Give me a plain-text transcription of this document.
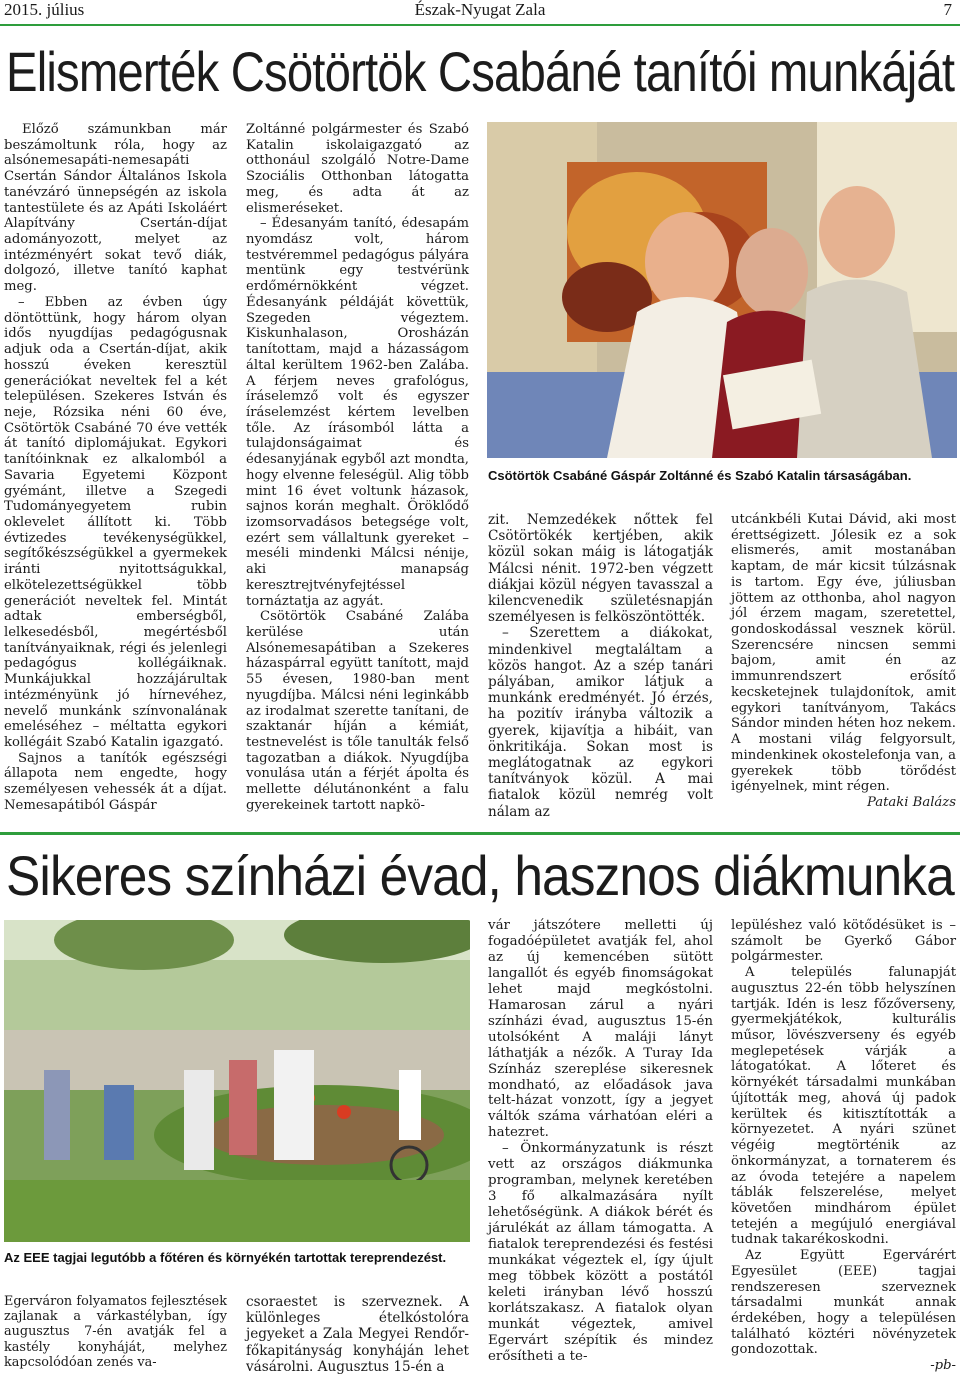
2015. július	Észak-Nyugat Zala	7
Elismerték Csötörtök Csabáné tanítói munkáját

Előző számunkban már beszámoltunk róla, hogy az alsónemesapáti-nemesapáti Csertán Sándor Általános Iskola tanévzáró ünnepségén az iskola tantestülete és az Apáti Iskoláért Alapítvány Csertán-díjat adományozott, melyet az intézményért sokat tevő diák, dolgozó, illetve tanító kaphat meg.

– Ebben az évben úgy döntöttünk, hogy három olyan idős nyugdíjas pedagógusnak adjuk oda a Csertán-díjat, akik hosszú éveken keresztül generációkat neveltek fel a két településen. Szekeres István és neje, Rózsika néni 60 éve, Csötörtök Csabáné 70 éve vették át tanító diplomájukat. Egykori tanítóinknak ez alkalomból a Savaria Egyetemi Központ gyémánt, illetve a Szegedi Tudományegyetem rubin oklevelet állított ki. Több évtizedes tevékenységükkel, segítőkészségükkel a gyermekek iránti nyitottságukkal, elkötelezettségükkel több generációt neveltek fel. Mintát adtak emberségből, lelkesedésből, megértésből tanítványaiknak, régi és jelenlegi pedagógus kollégáiknak. Munkájukkal hozzájárultak intézményünk jó hírnevéhez, nevelő munkánk színvonalának emeléséhez – méltatta egykori kollégáit Szabó Katalin igazgató.

Sajnos a tanítók egészségi állapota nem engedte, hogy személyesen vehessék át a díjat. Nemesapátiból Gáspár

Zoltánné polgármester és Szabó Katalin iskolaigazgató az otthonául szolgáló Notre-Dame Szociális Otthonban látogatta meg, és adta át az elismeréseket.

– Édesanyám tanító, édesapám nyomdász volt, három testvéremmel pedagógus pályára mentünk egy testvérünk erdőmérnökként végzet. Édesanyánk példáját követtük, Szegeden végeztem. Kiskunhalason, Orosházán tanítottam, majd a házasságom által kerültem 1962-ben Zalába. A férjem neves grafológus, íráselemző volt és egyszer íráselemzést kértem levelben tőle. Az írásomból látta a tulajdonságaimat és édesanyjának egyből azt mondta, hogy elvenne feleségül. Alig több mint 16 évet voltunk házasok, sajnos korán meghalt. Öröklődő izomsorvadásos betegsége volt, ezért sem vállaltunk gyereket – meséli mindenki Málcsi nénije, aki manapság keresztrejtvényfejtéssel tornáztatja az agyát.

Csötörtök Csabáné Zalába kerülése után Alsónemesapátiban a Szekeres házaspárral együtt tanított, majd 55 évesen, 1980-ban ment nyugdíjba. Málcsi néni leginkább az irodalmat szerette tanítani, de szaktanár híján a kémiát, testnevelést is tőle tanulták felső tagozatban a diákok. Nyugdíjba vonulása után a férjét ápolta és mellette délutánonként a falu gyerekeinek tartott napkö-

Csötörtök Csabáné Gáspár Zoltánné és Szabó Katalin társaságában.

zit. Nemzedékek nőttek fel Csötörtökék kertjében, akik közül sokan máig is látogatják Málcsi nénit. 1972-ben végzett diákjai közül négyen tavasszal a kilencvenedik születésnapján személyesen is felköszöntötték.

– Szerettem a diákokat, mindenkivel megtaláltam a közös hangot. Az a szép tanári pályában, amikor látjuk a munkánk eredményét. Jó érzés, ha pozitív irányba változik a gyerek, kijavítja a hibáit, van önkritikája. Sokan most is meglátogatnak az egykori tanítványok közül. A mai fiatalok közül nemrég volt nálam az

utcánkbéli Kutai Dávid, aki most érettségizett. Jólesik ez a sok elismerés, amit mostanában kaptam, de már kicsit túlzásnak is tartom. Egy éve, júliusban jöttem az otthonba, ahol nagyon jól érzem magam, szeretettel, gondoskodással vesznek körül. Szerencsére nincsen semmi bajom, amit én az immunrendszert erősítő kecsketejnek tulajdonítok, amit egykori tanítványom, Takács Sándor minden héten hoz nekem. A mostani világ felgyorsult, mindenkinek okostelefonja van, a gyerekek több törődést igényelnek, mint régen.

Pataki Balázs
Sikeres színházi évad, hasznos diákmunka
Az EEE tagjai legutóbb a főtéren és környékén tartottak tereprendezést.

Egerváron folyamatos fejlesztések zajlanak a várkastélyban, így augusztus 7-én avatják fel a kastély konyháját, melyhez kapcsolódóan zenés va-

csoraestet is szerveznek. A különleges ételkóstolóra jegyeket a Zala Megyei Rendőr-főkapitányság konyháján lehet vásárolni. Augusztus 15-én a

vár játszótere melletti új fogadóépületet avatják fel, ahol az új kemencében sütött langallót és egyéb finomságokat lehet majd megkóstolni. Hamarosan zárul a nyári színházi évad, augusztus 15-én utolsóként A maláji lányt láthatják a nézők. A Turay Ida Színház szereplése sikeresnek mondható, az előadások java telt-házat vonzott, így a jegyet váltók száma várhatóan eléri a hatezret.

– Önkormányzatunk is részt vett az országos diákmunka programban, melynek keretében 3 fő alkalmazására nyílt lehetőségünk. A diákok bérét és járulékát az állam támogatta. A fiatalok tereprendezési és festési munkákat végeztek el, így újult meg többek között a postától keleti irányban lévő hosszú korlátszakasz. A fiatalok olyan munkát végeztek, amivel Egervárt szépítik és mindez erősítheti a te-

lepüléshez való kötődésüket is – számolt be Gyerkő Gábor polgármester.

A település falunapját augusztus 22-én több helyszínen tartják. Idén is lesz főzőverseny, gyermekjátékok, kulturális műsor, lövészverseny és egyéb meglepetések várják a látogatókat. A lőteret és környékét társadalmi munkában újították meg, ahová új padok kerültek és kitisztították a környezetet. A nyári szünet végéig megtörténik az önkormányzat, a tornaterem és az óvoda tetejére a napelem táblák felszerelése, melyet követően mindhárom épület tetején a megújuló energiával tudnak takarékoskodni.

Az Együtt Egervárért Egyesület (EEE) tagjai rendszeresen szerveznek társadalmi munkát annak érdekében, hogy a településen található köztéri növényzetek gondozottak.

-pb-
